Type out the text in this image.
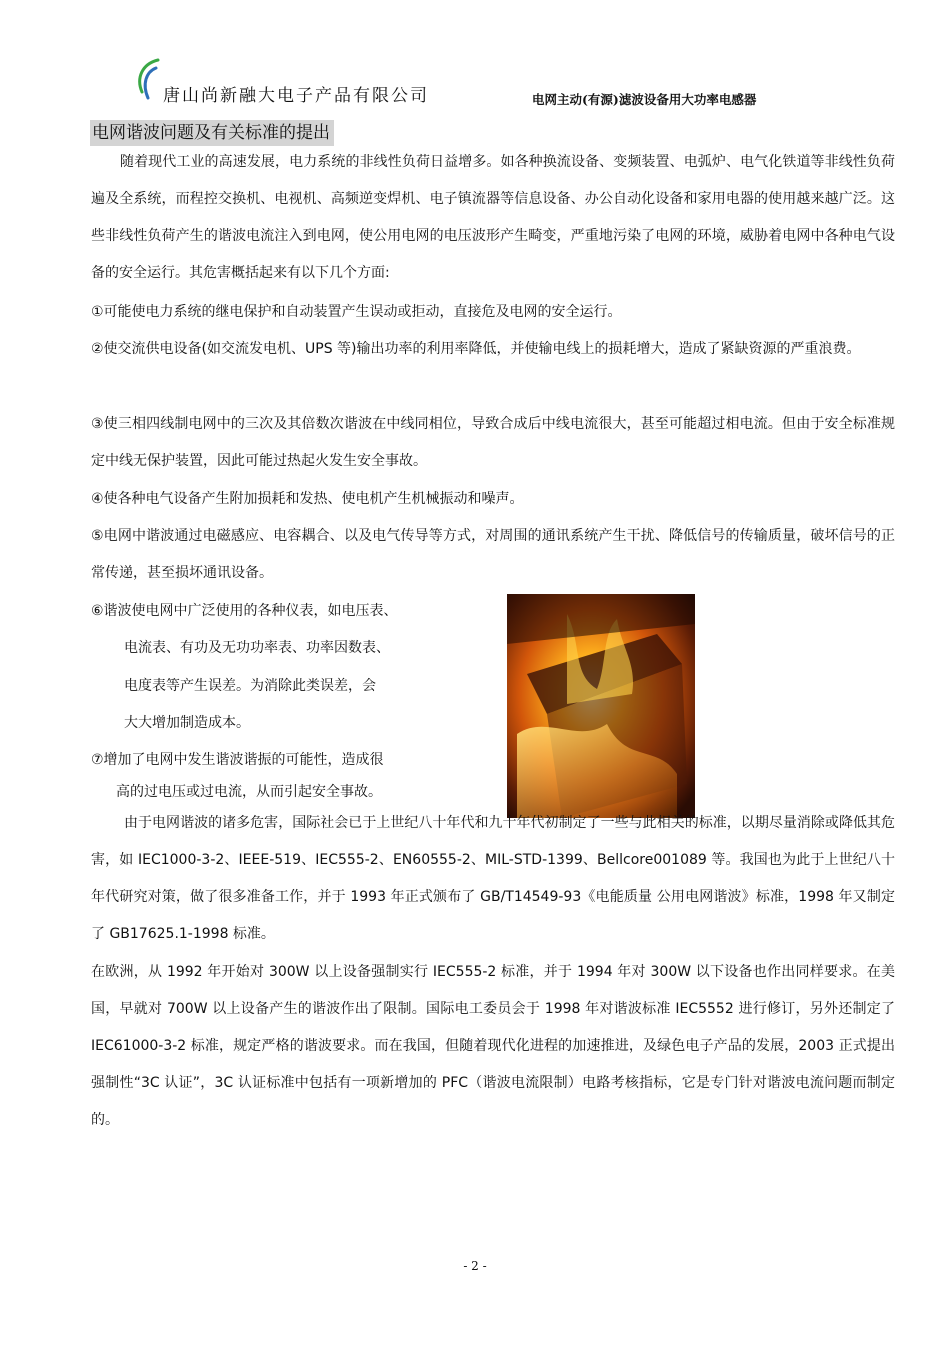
唐山尚新融大电子产品有限公司	电网主动(有源)滤波设备用大功率电感器
电网谐波问题及有关标准的提出
随着现代工业的高速发展，电力系统的非线性负荷日益增多。如各种换流设备、变频装置、电弧炉、电气化铁道等非线性负荷遍及全系统，而程控交换机、电视机、高频逆变焊机、电子镇流器等信息设备、办公自动化设备和家用电器的使用越来越广泛。这些非线性负荷产生的谐波电流注入到电网，使公用电网的电压波形产生畸变，严重地污染了电网的环境，威胁着电网中各种电气设备的安全运行。其危害概括起来有以下几个方面:
①可能使电力系统的继电保护和自动装置产生误动或拒动，直接危及电网的安全运行。
②使交流供电设备(如交流发电机、UPS 等)输出功率的利用率降低，并使输电线上的损耗增大，造成了紧缺资源的严重浪费。
③使三相四线制电网中的三次及其倍数次谐波在中线同相位，导致合成后中线电流很大，甚至可能超过相电流。但由于安全标准规定中线无保护装置，因此可能过热起火发生安全事故。
④使各种电气设备产生附加损耗和发热、使电机产生机械振动和噪声。
⑤电网中谐波通过电磁感应、电容耦合、以及电气传导等方式，对周围的通讯系统产生干扰、降低信号的传输质量，破坏信号的正常传递，甚至损坏通讯设备。
⑥谐波使电网中广泛使用的各种仪表，如电压表、
电流表、有功及无功功率表、功率因数表、
电度表等产生误差。为消除此类误差，会
大大增加制造成本。
⑦增加了电网中发生谐波谐振的可能性，造成很
高的过电压或过电流，从而引起安全事故。
由于电网谐波的诸多危害，国际社会已于上世纪八十年代和九十年代初制定了一些与此相关的标准，以期尽量消除或降低其危害，如 IEC1000-3-2、IEEE-519、IEC555-2、EN60555-2、MIL-STD-1399、Bellcore001089 等。我国也为此于上世纪八十年代研究对策，做了很多准备工作，并于 1993 年正式颁布了 GB/T14549-93《电能质量 公用电网谐波》标准，1998 年又制定了 GB17625.1-1998 标准。
在欧洲，从 1992 年开始对 300W 以上设备强制实行 IEC555-2 标准，并于 1994 年对 300W 以下设备也作出同样要求。在美国，早就对 700W 以上设备产生的谐波作出了限制。国际电工委员会于 1998 年对谐波标准 IEC5552 进行修订，另外还制定了 IEC61000-3-2 标准，规定严格的谐波要求。而在我国，但随着现代化进程的加速推进，及绿色电子产品的发展，2003 正式提出强制性“3C 认证”，3C 认证标准中包括有一项新增加的 PFC（谐波电流限制）电路考核指标，它是专门针对谐波电流问题而制定的。
- 2 -
